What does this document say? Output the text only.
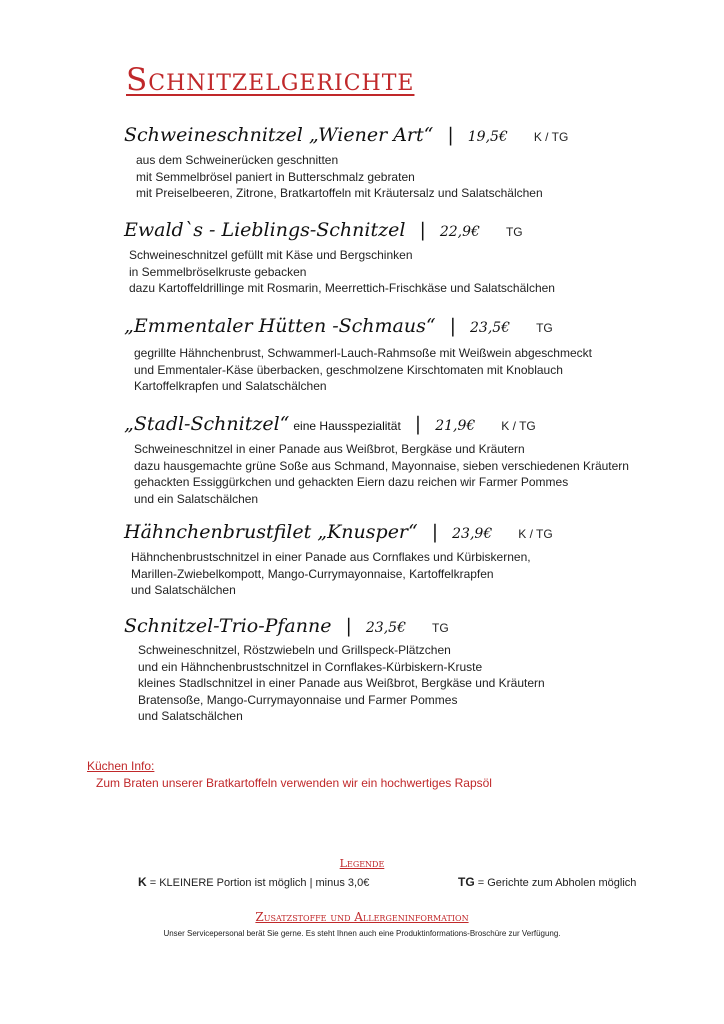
Schnitzelgerichte
Schweineschnitzel „Wiener Art“ | 19,5€ K / TG
aus dem Schweinerücken geschnitten
mit Semmelbrösel paniert in Butterschmalz gebraten
mit Preiselbeeren, Zitrone, Bratkartoffeln mit Kräutersalz und Salatschälchen
Ewald`s - Lieblings-Schnitzel | 22,9€ TG
Schweineschnitzel gefüllt mit Käse und Bergschinken
in Semmelbröselkruste gebacken
dazu Kartoffeldrillinge mit Rosmarin, Meerrettich-Frischkäse und Salatschälchen
„Emmentaler Hütten -Schmaus“ | 23,5€ TG
gegrillte Hähnchenbrust, Schwammerl-Lauch-Rahmsoße mit Weißwein abgeschmeckt
und Emmentaler-Käse überbacken, geschmolzene Kirschtomaten mit Knoblauch
Kartoffelkrapfen und Salatschälchen
„Stadl-Schnitzel“ eine Hausspezialität | 21,9€ K / TG
Schweineschnitzel in einer Panade aus Weißbrot, Bergkäse und Kräutern
dazu hausgemachte grüne Soße aus Schmand, Mayonnaise, sieben verschiedenen Kräutern
gehackten Essiggürkchen und gehackten Eiern dazu reichen wir Farmer Pommes
und ein Salatschälchen
Hähnchenbrustfilet „Knusper“ | 23,9€ K / TG
Hähnchenbrustschnitzel in einer Panade aus Cornflakes und Kürbiskernen,
Marillen-Zwiebelkompott, Mango-Currymayonnaise, Kartoffelkrapfen
und Salatschälchen
Schnitzel-Trio-Pfanne | 23,5€ TG
Schweineschnitzel, Röstzwiebeln und Grillspeck-Plätzchen
und ein Hähnchenbrustschnitzel in Cornflakes-Kürbiskern-Kruste
kleines Stadlschnitzel in einer Panade aus Weißbrot, Bergkäse und Kräutern
Bratensoße, Mango-Currymayonnaise und Farmer Pommes
und Salatschälchen
Küchen Info:
Zum Braten unserer Bratkartoffeln verwenden wir ein hochwertiges Rapsöl
Legende
K = KLEINERE Portion ist möglich | minus 3,0€	TG = Gerichte zum Abholen möglich
Zusatzstoffe und Allergeninformation
Unser Servicepersonal berät Sie gerne. Es steht Ihnen auch eine Produktinformations-Broschüre zur Verfügung.
